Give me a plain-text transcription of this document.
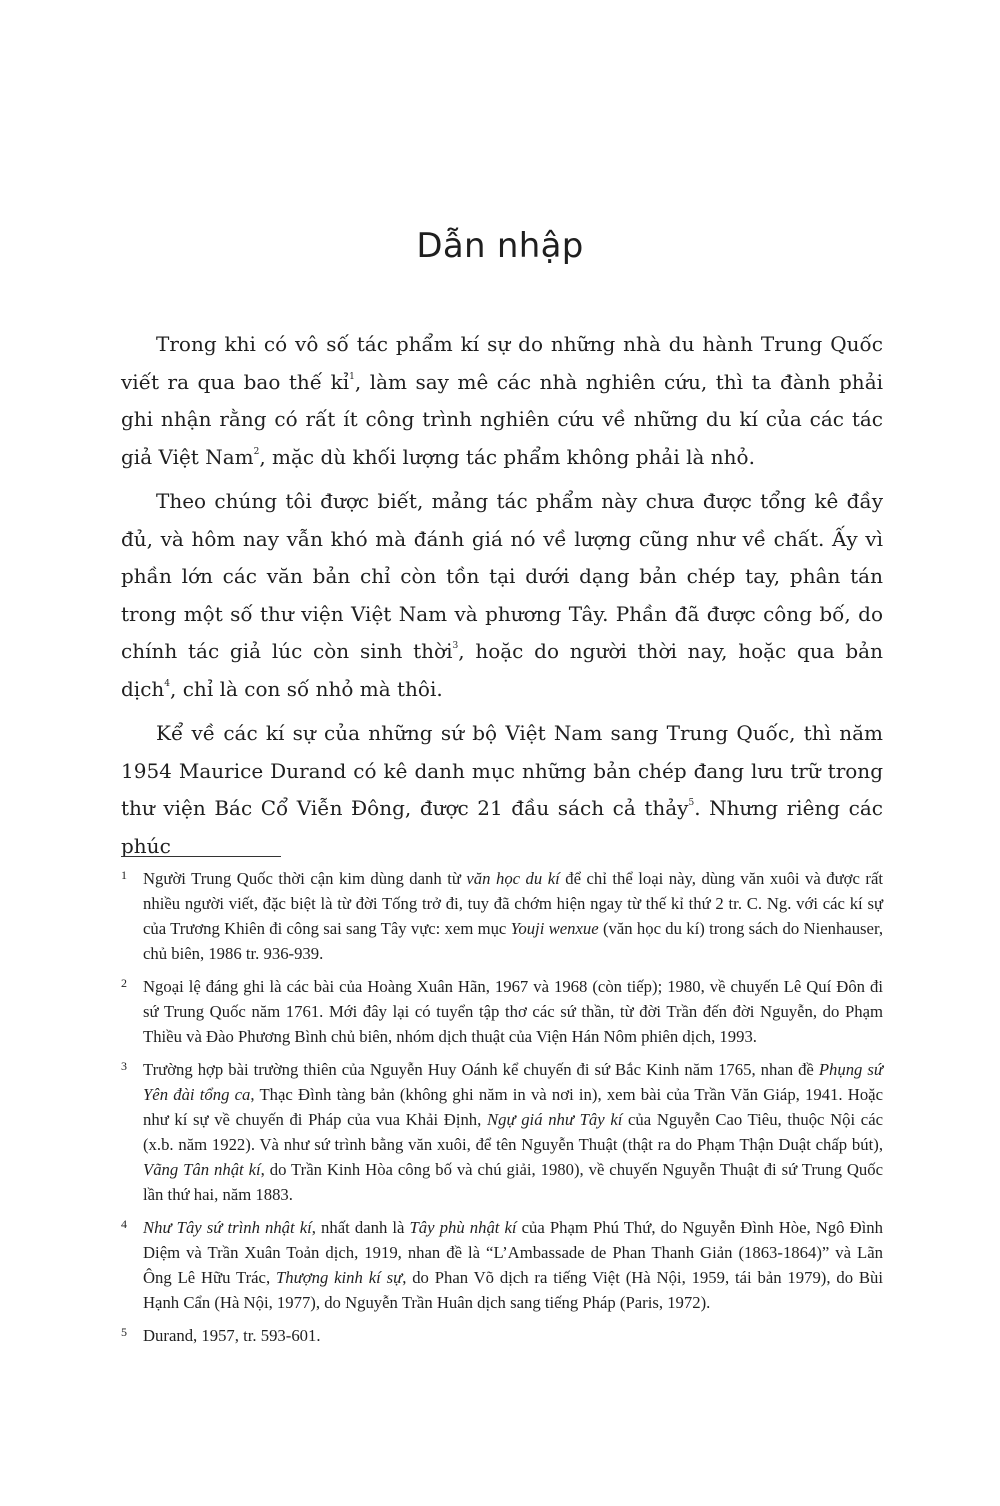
Dẫn nhập

Trong khi có vô số tác phẩm kí sự do những nhà du hành Trung Quốc viết ra qua bao thế kỉ$^1$, làm say mê các nhà nghiên cứu, thì ta đành phải ghi nhận rằng có rất ít công trình nghiên cứu về những du kí của các tác giả Việt Nam$^2$, mặc dù khối lượng tác phẩm không phải là nhỏ.

Theo chúng tôi được biết, mảng tác phẩm này chưa được tổng kê đầy đủ, và hôm nay vẫn khó mà đánh giá nó về lượng cũng như về chất. Ấy vì phần lớn các văn bản chỉ còn tồn tại dưới dạng bản chép tay, phân tán trong một số thư viện Việt Nam và phương Tây. Phần đã được công bố, do chính tác giả lúc còn sinh thời$^3$, hoặc do người thời nay, hoặc qua bản dịch$^4$, chỉ là con số nhỏ mà thôi.

Kể về các kí sự của những sứ bộ Việt Nam sang Trung Quốc, thì năm 1954 Maurice Durand có kê danh mục những bản chép đang lưu trữ trong thư viện Bác Cổ Viễn Đông, được 21 đầu sách cả thảy$^5$. Nhưng riêng các phúc

1 Người Trung Quốc thời cận kim dùng danh từ văn học du kí để chỉ thể loại này, dùng văn xuôi và được rất nhiều người viết, đặc biệt là từ đời Tống trở đi, tuy đã chớm hiện ngay từ thế kỉ thứ 2 tr. C. Ng. với các kí sự của Trương Khiên đi công sai sang Tây vực: xem mục Youji wenxue (văn học du kí) trong sách do Nienhauser, chủ biên, 1986 tr. 936-939.
2 Ngoại lệ đáng ghi là các bài của Hoàng Xuân Hãn, 1967 và 1968 (còn tiếp); 1980, về chuyến Lê Quí Đôn đi sứ Trung Quốc năm 1761. Mới đây lại có tuyển tập thơ các sứ thần, từ đời Trần đến đời Nguyễn, do Phạm Thiều và Đào Phương Bình chủ biên, nhóm dịch thuật của Viện Hán Nôm phiên dịch, 1993.
3 Trường hợp bài trường thiên của Nguyễn Huy Oánh kể chuyến đi sứ Bắc Kinh năm 1765, nhan đề Phụng sứ Yên đài tổng ca, Thạc Đình tàng bản (không ghi năm in và nơi in), xem bài của Trần Văn Giáp, 1941. Hoặc như kí sự về chuyến đi Pháp của vua Khải Định, Ngự giá như Tây kí của Nguyễn Cao Tiêu, thuộc Nội các (x.b. năm 1922). Và như sứ trình bằng văn xuôi, để tên Nguyễn Thuật (thật ra do Phạm Thận Duật chấp bút), Vãng Tân nhật kí, do Trần Kinh Hòa công bố và chú giải, 1980), về chuyến Nguyễn Thuật đi sứ Trung Quốc lần thứ hai, năm 1883.
4 Như Tây sứ trình nhật kí, nhất danh là Tây phù nhật kí của Phạm Phú Thứ, do Nguyễn Đình Hòe, Ngô Đình Diệm và Trần Xuân Toản dịch, 1919, nhan đề là “L’Ambassade de Phan Thanh Giản (1863-1864)” và Lãn Ông Lê Hữu Trác, Thượng kinh kí sự, do Phan Võ dịch ra tiếng Việt (Hà Nội, 1959, tái bản 1979), do Bùi Hạnh Cẩn (Hà Nội, 1977), do Nguyễn Trần Huân dịch sang tiếng Pháp (Paris, 1972).
5 Durand, 1957, tr. 593-601.
